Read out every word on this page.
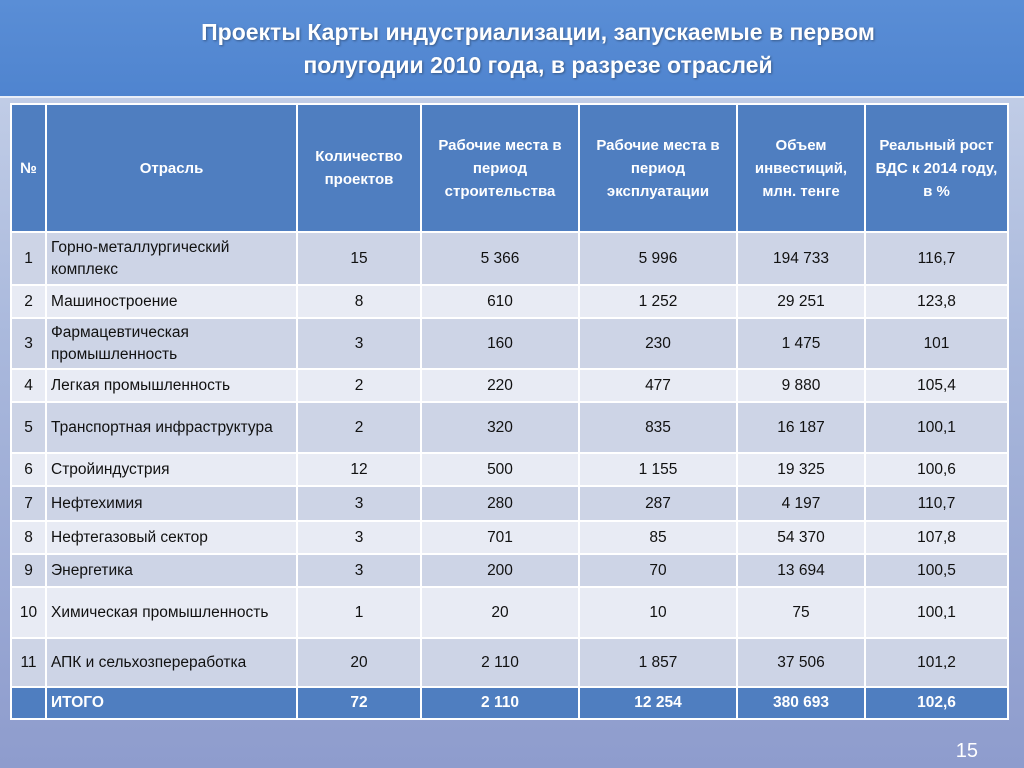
Проекты Карты индустриализации, запускаемые в первом
полугодии 2010 года, в разрезе отраслей
№	Отрасль	Количество проектов	Рабочие места в период строительства	Рабочие места в период эксплуатации	Объем инвестиций, млн. тенге	Реальный рост ВДС к 2014 году, в %
1	Горно-металлургический комплекс	15	5 366	5 996	194 733	116,7
2	Машиностроение	8	610	1 252	29 251	123,8
3	Фармацевтическая промышленность	3	160	230	1 475	101
4	Легкая промышленность	2	220	477	9 880	105,4
5	Транспортная инфраструктура	2	320	835	16 187	100,1
6	Стройиндустрия	12	500	1 155	19 325	100,6
7	Нефтехимия	3	280	287	4 197	110,7
8	Нефтегазовый сектор	3	701	85	54 370	107,8
9	Энергетика	3	200	70	13 694	100,5
10	Химическая промышленность	1	20	10	75	100,1
11	АПК и сельхозпереработка	20	2 110	1 857	37 506	101,2
	ИТОГО	72	2 110	12 254	380 693	102,6
15
